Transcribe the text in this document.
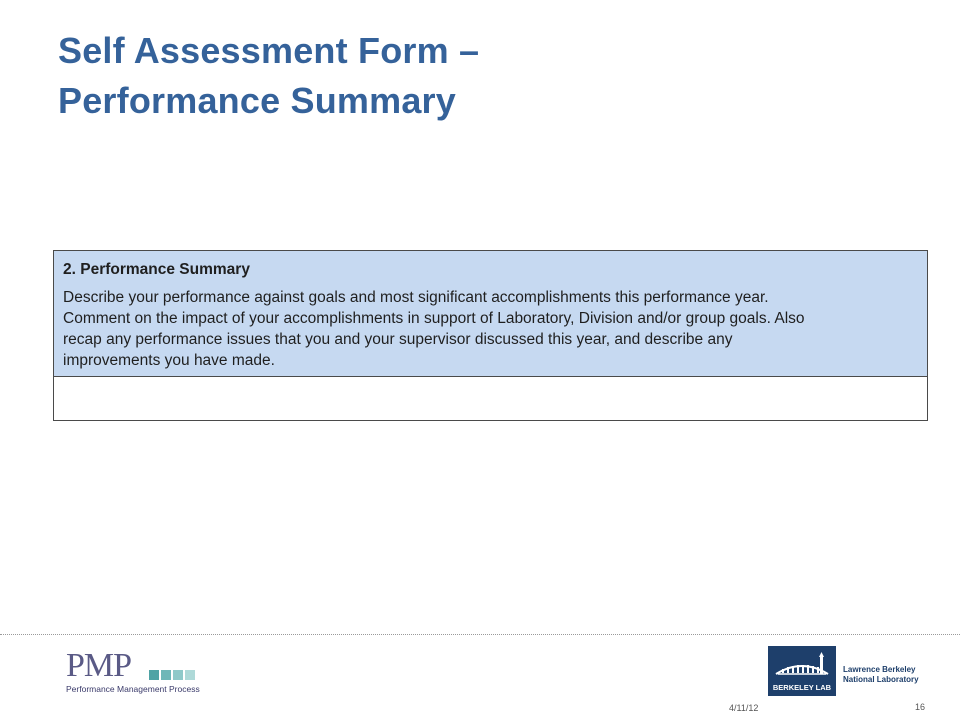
Self Assessment Form –
Performance Summary

2. Performance Summary

Describe your performance against goals and most significant accomplishments this performance year.
Comment on the impact of your accomplishments in support of Laboratory, Division and/or group goals. Also
recap any performance issues that you and your supervisor discussed this year, and describe any
improvements you have made.

PMP
Performance Management Process	BERKELEY LAB
Lawrence Berkeley
National Laboratory
4/11/12	16
